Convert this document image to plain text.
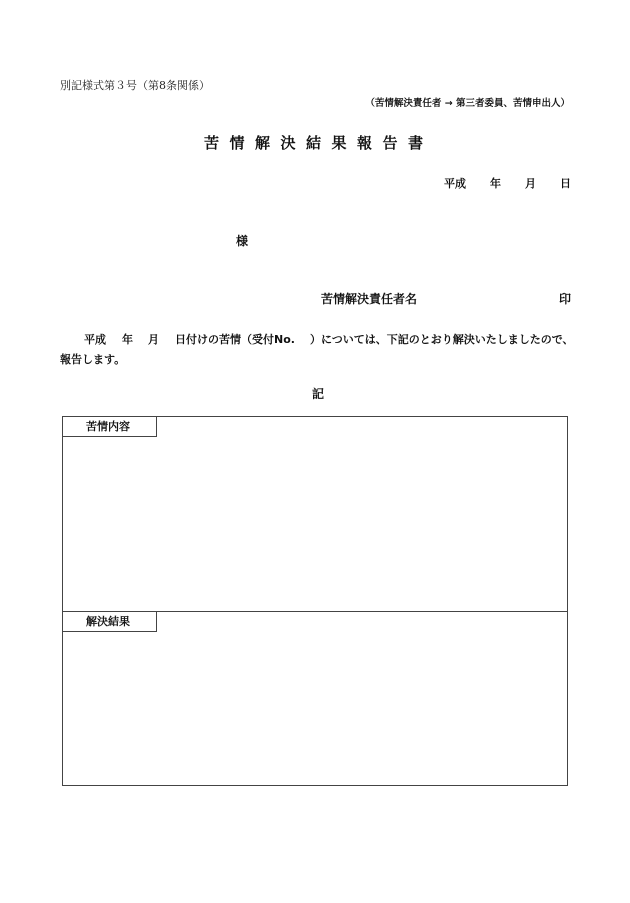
別記様式第３号（第8条関係）
（苦情解決責任者 → 第三者委員、苦情申出人）
苦情解決結果報告書
平成 年 月 日
様
苦情解決責任者名	印
平成 年 月 日付けの苦情（受付No. ）については、下記のとおり解決いたしましたので、
報告します。
記
苦情内容
解決結果
